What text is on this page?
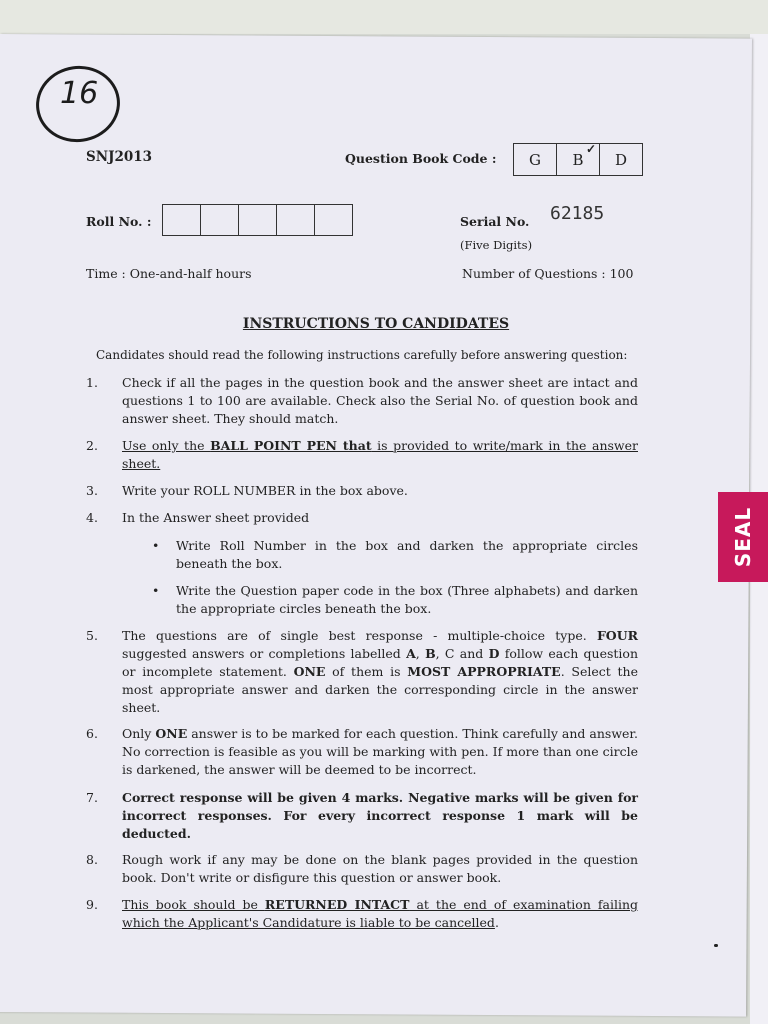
16
SNJ2013	Question Book Code : G B
✓
D
Roll No. :	Serial No. 62185
(Five Digits)
Time : One-and-half hours	Number of Questions : 100
INSTRUCTIONS TO CANDIDATES
Candidates should read the following instructions carefully before answering question:
1.	Check if all the pages in the question book and the answer sheet are intact and questions 1 to 100 are available. Check also the Serial No. of question book and answer sheet. They should match.
2.	Use only the BALL POINT PEN that is provided to write/mark in the answer sheet.
3.	Write your ROLL NUMBER in the box above.
4.	In the Answer sheet provided
•	Write Roll Number in the box and darken the appropriate circles beneath the box.
•	Write the Question paper code in the box (Three alphabets) and darken the appropriate circles beneath the box.
5.	The questions are of single best response - multiple-choice type. FOUR suggested answers or completions labelled A, B, C and D follow each question or incomplete statement. ONE of them is MOST APPROPRIATE. Select the most appropriate answer and darken the corresponding circle in the answer sheet.
6.	Only ONE answer is to be marked for each question. Think carefully and answer. No correction is feasible as you will be marking with pen. If more than one circle is darkened, the answer will be deemed to be incorrect.
7.	Correct response will be given 4 marks. Negative marks will be given for incorrect responses. For every incorrect response 1 mark will be deducted.
8.	Rough work if any may be done on the blank pages provided in the question book. Don't write or disfigure this question or answer book.
9.	This book should be RETURNED INTACT at the end of examination failing which the Applicant's Candidature is liable to be cancelled.
SEAL
